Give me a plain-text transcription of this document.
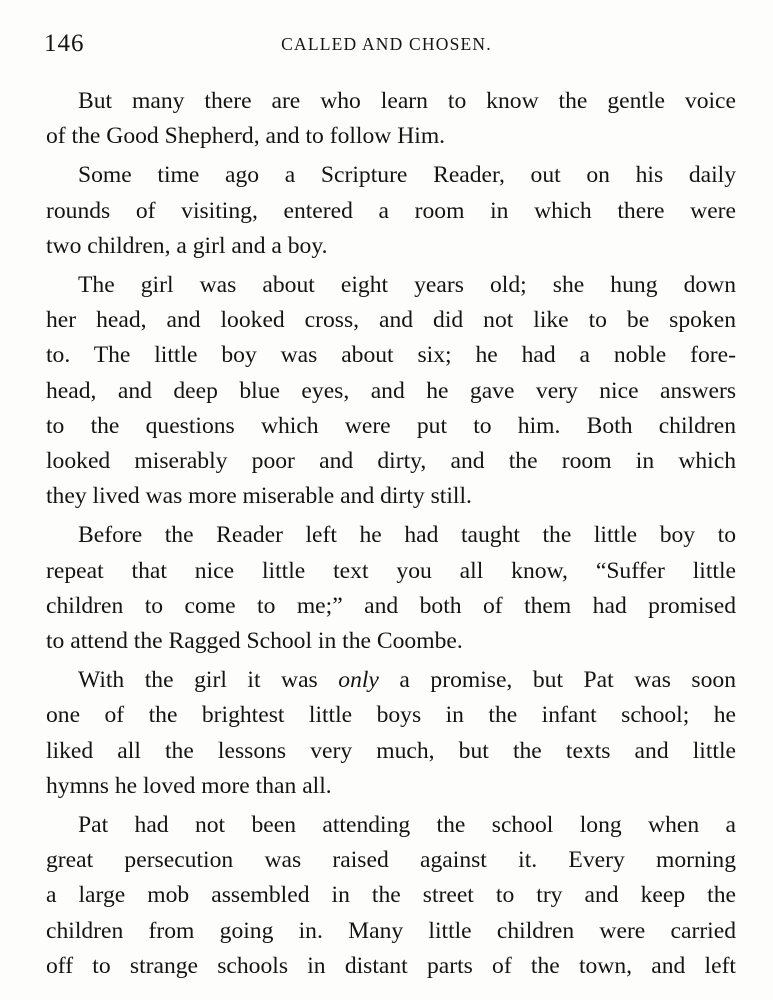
146	CALLED AND CHOSEN.
But many there are who learn to know the gentle voice
of the Good Shepherd, and to follow Him.
Some time ago a Scripture Reader, out on his daily
rounds of visiting, entered a room in which there were
two children, a girl and a boy.
The girl was about eight years old; she hung down
her head, and looked cross, and did not like to be spoken
to. The little boy was about six; he had a noble fore-
head, and deep blue eyes, and he gave very nice answers
to the questions which were put to him. Both children
looked miserably poor and dirty, and the room in which
they lived was more miserable and dirty still.
Before the Reader left he had taught the little boy to
repeat that nice little text you all know, “Suffer little
children to come to me;” and both of them had promised
to attend the Ragged School in the Coombe.
With the girl it was only a promise, but Pat was soon
one of the brightest little boys in the infant school; he
liked all the lessons very much, but the texts and little
hymns he loved more than all.
Pat had not been attending the school long when a
great persecution was raised against it. Every morning
a large mob assembled in the street to try and keep the
children from going in. Many little children were carried
off to strange schools in distant parts of the town, and left
